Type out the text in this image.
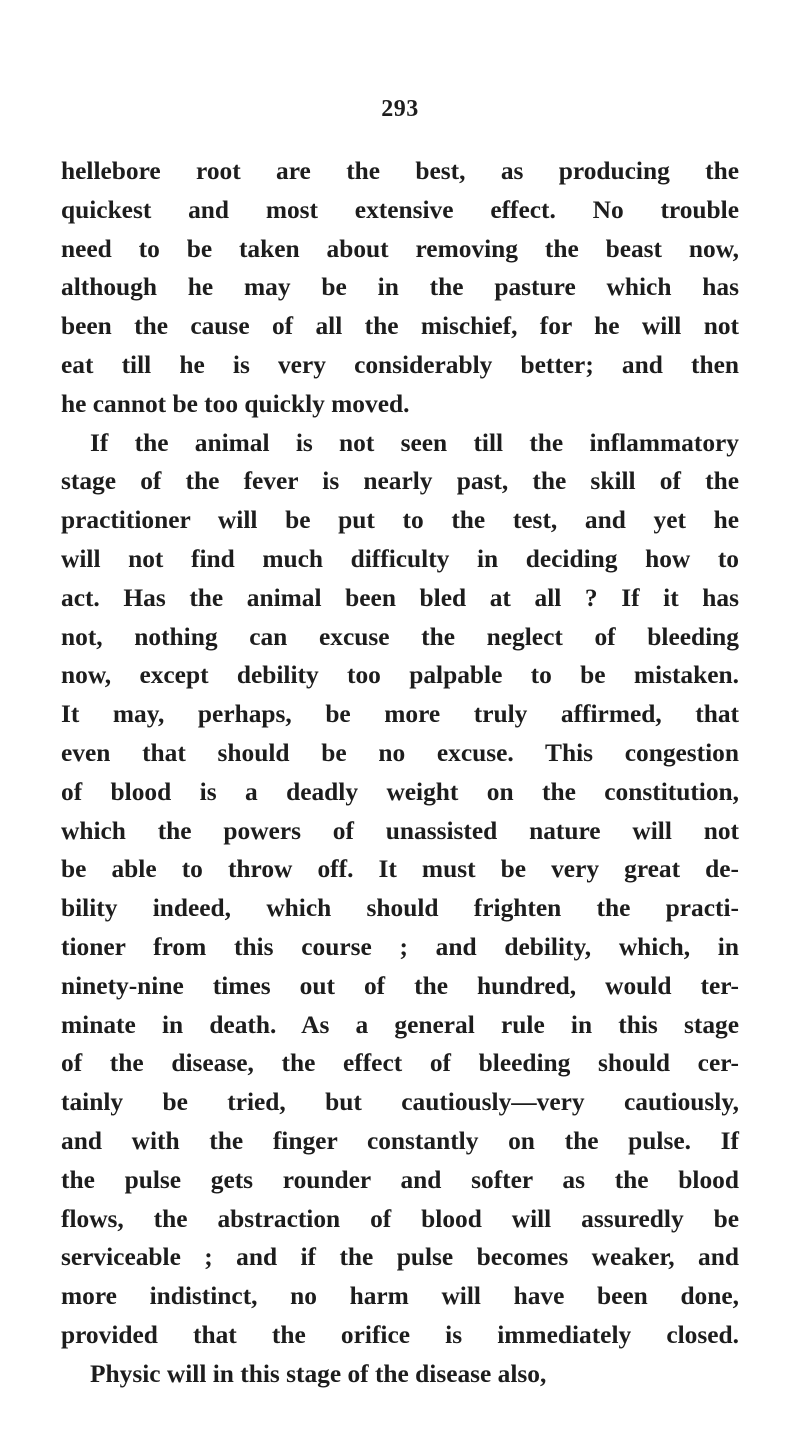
293
hellebore root are the best, as producing the
quickest and most extensive effect. No trouble
need to be taken about removing the beast now,
although he may be in the pasture which has
been the cause of all the mischief, for he will not
eat till he is very considerably better; and then
he cannot be too quickly moved.
If the animal is not seen till the inflammatory
stage of the fever is nearly past, the skill of the
practitioner will be put to the test, and yet he
will not find much difficulty in deciding how to
act. Has the animal been bled at all ? If it has
not, nothing can excuse the neglect of bleeding
now, except debility too palpable to be mistaken.
It may, perhaps, be more truly affirmed, that
even that should be no excuse. This congestion
of blood is a deadly weight on the constitution,
which the powers of unassisted nature will not
be able to throw off. It must be very great de-
bility indeed, which should frighten the practi-
tioner from this course ; and debility, which, in
ninety-nine times out of the hundred, would ter-
minate in death. As a general rule in this stage
of the disease, the effect of bleeding should cer-
tainly be tried, but cautiously—very cautiously,
and with the finger constantly on the pulse. If
the pulse gets rounder and softer as the blood
flows, the abstraction of blood will assuredly be
serviceable ; and if the pulse becomes weaker, and
more indistinct, no harm will have been done,
provided that the orifice is immediately closed.
Physic will in this stage of the disease also,
